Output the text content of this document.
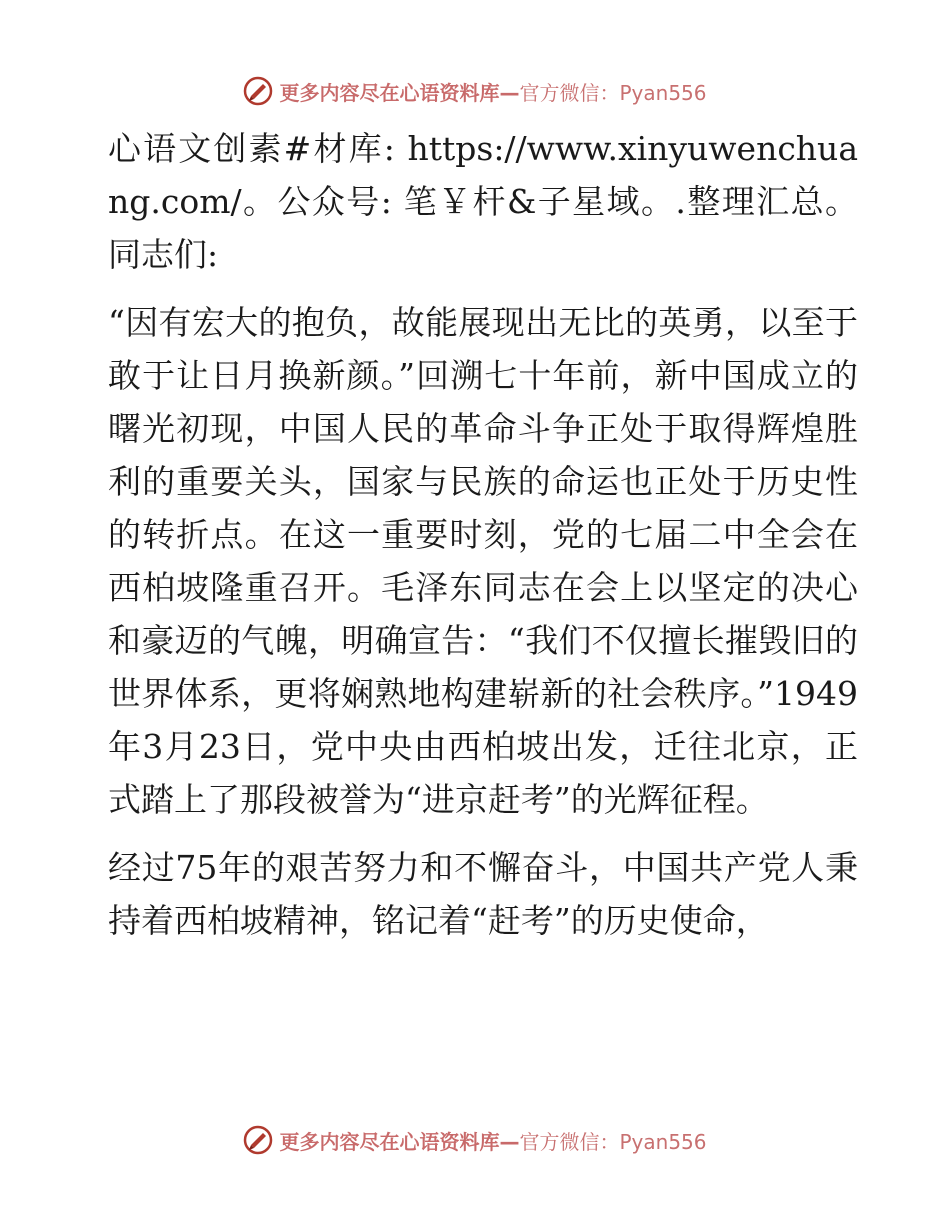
更多内容尽在心语资料库—官方微信：Pyan556

心语文创素#材库: https://www.xinyuwenchuang.com/。公众号: 笔￥杆&子星域。.整理汇总。同志们:

“因有宏大的抱负，故能展现出无比的英勇，以至于敢于让日月换新颜。”回溯七十年前，新中国成立的曙光初现，中国人民的革命斗争正处于取得辉煌胜利的重要关头，国家与民族的命运也正处于历史性的转折点。在这一重要时刻，党的七届二中全会在西柏坡隆重召开。毛泽东同志在会上以坚定的决心和豪迈的气魄，明确宣告：“我们不仅擅长摧毁旧的世界体系，更将娴熟地构建崭新的社会秩序。”1949年3月23日，党中央由西柏坡出发，迁往北京，正式踏上了那段被誉为“进京赶考”的光辉征程。

经过75年的艰苦努力和不懈奋斗，中国共产党人秉持着西柏坡精神，铭记着“赶考”的历史使命，

更多内容尽在心语资料库—官方微信：Pyan556
